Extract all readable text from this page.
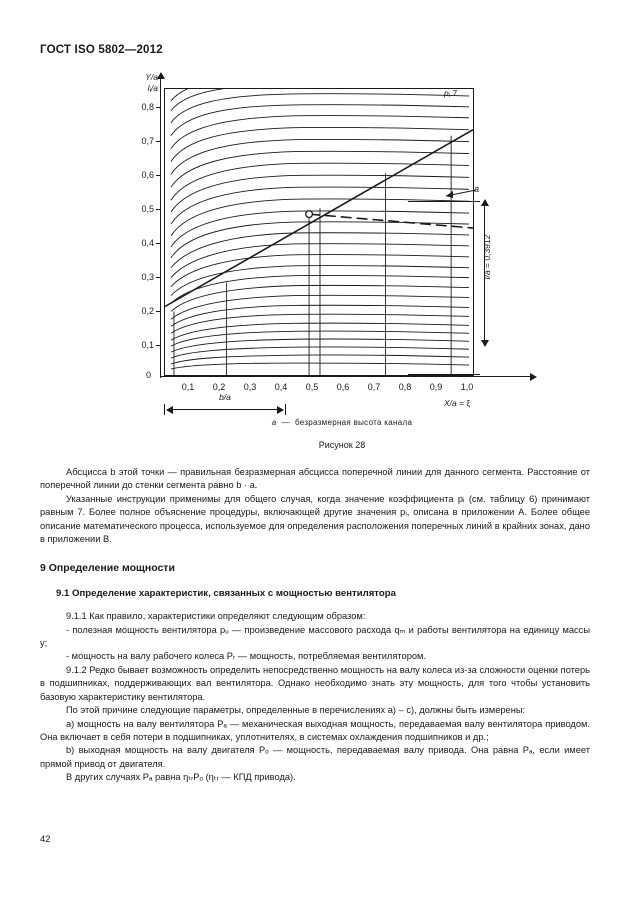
ГОСТ ISO 5802—2012
Y/a
li/a
0,8
0,7
0,6
0,5
0,4
0,3
0,2
0,1
0
0,1	0,2	0,3	0,4	0,5	0,6	0,7	0,8	0,9	1,0
X/a = ξ
b/a
l/a = 0,3912
pi 7
a
a — безразмерная высота канала
Рисунок 28

Абсцисса b этой точки — правильная безразмерная абсцисса поперечной линии для данного сегмента. Расстояние от поперечной линии до стенки сегмента равно b · a.

Указанные инструкции применимы для общего случая, когда значение коэффициента pᵢ (см. таблицу 6) принимают равным 7. Более полное объяснение процедуры, включающей другие значения pᵢ, описана в приложении А. Более общее описание математического процесса, используемое для определения расположения поперечных линий в крайних зонах, дано в приложении В.

9 Определение мощности
9.1 Определение характеристик, связанных с мощностью вентилятора

9.1.1 Как правило, характеристики определяют следующим образом:

- полезная мощность вентилятора pᵤ — произведение массового расхода qₘ и работы вентилятора на единицу массы y;

- мощность на валу рабочего колеса Pᵣ — мощность, потребляемая вентилятором.

9.1.2 Редко бывает возможность определить непосредственно мощность на валу колеса из-за сложности оценки потерь в подшипниках, поддерживающих вал вентилятора. Однако необходимо знать эту мощность, для того чтобы установить базовую характеристику вентилятора.

По этой причине следующие параметры, определенные в перечислениях a) – c), должны быть измерены:

a) мощность на валу вентилятора Pₐ — механическая выходная мощность, передаваемая валу вентилятора приводом. Она включает в себя потери в подшипниках, уплотнителях, в системах охлаждения подшипников и др.;

b) выходная мощность на валу двигателя Pₒ — мощность, передаваемая валу привода. Она равна Pₐ, если имеет прямой привод от двигателя.

В других случаях Pₐ равна ηₜᵣPₒ (ηₜᵣ — КПД привода).

42
